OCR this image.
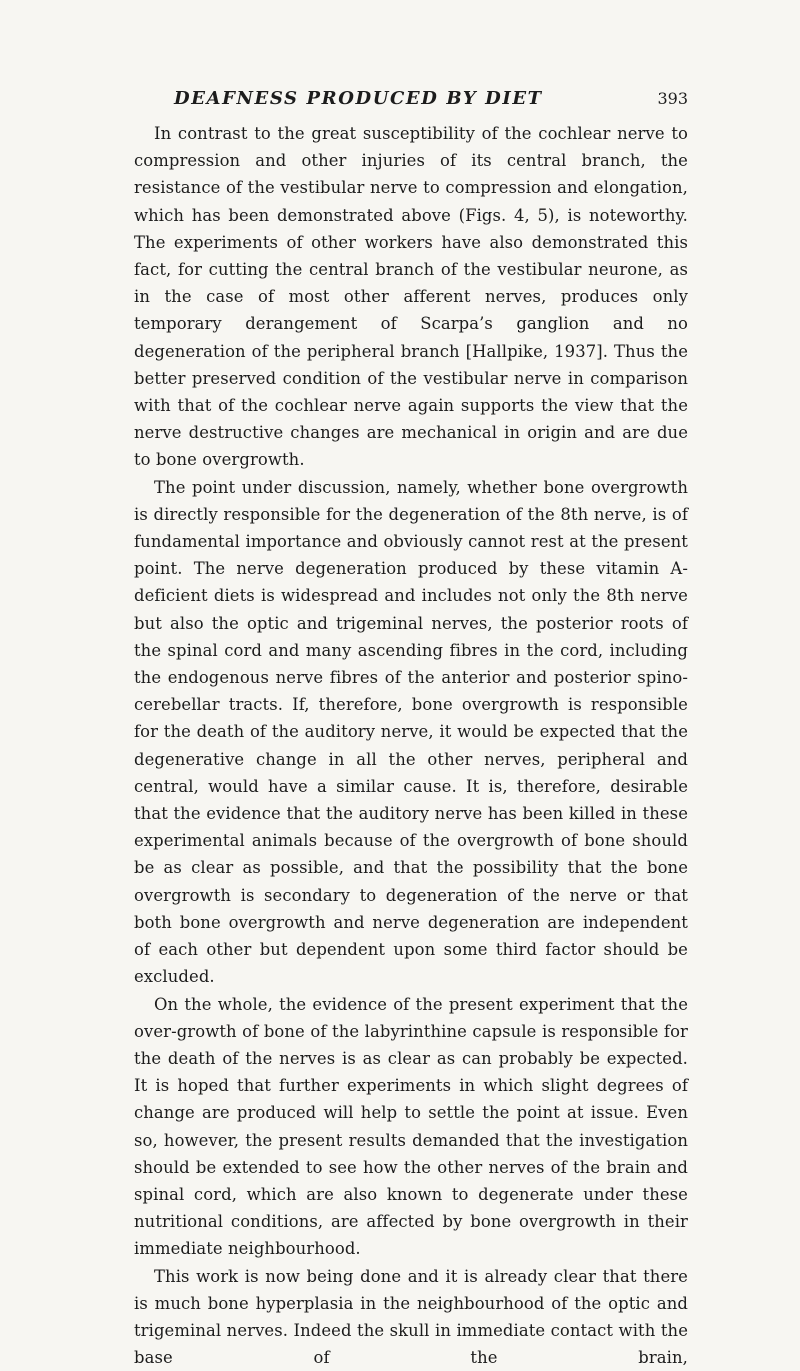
DEAFNESS PRODUCED BY DIET	393

In contrast to the great susceptibility of the cochlear nerve to compression and other injuries of its central branch, the resistance of the vestibular nerve to compression and elongation, which has been demonstrated above (Figs. 4, 5), is noteworthy. The experiments of other workers have also demonstrated this fact, for cutting the central branch of the vestibular neurone, as in the case of most other afferent nerves, produces only temporary derangement of Scarpa’s ganglion and no degeneration of the peripheral branch [Hallpike, 1937]. Thus the better preserved condition of the vestibular nerve in comparison with that of the cochlear nerve again supports the view that the nerve destructive changes are mechanical in origin and are due to bone overgrowth.

The point under discussion, namely, whether bone overgrowth is directly responsible for the degeneration of the 8th nerve, is of fundamental importance and obviously cannot rest at the present point. The nerve degeneration produced by these vitamin A-deficient diets is widespread and includes not only the 8th nerve but also the optic and trigeminal nerves, the posterior roots of the spinal cord and many ascending fibres in the cord, including the endogenous nerve fibres of the anterior and posterior spino-cerebellar tracts. If, therefore, bone overgrowth is responsible for the death of the auditory nerve, it would be expected that the degenerative change in all the other nerves, peripheral and central, would have a similar cause. It is, therefore, desirable that the evidence that the auditory nerve has been killed in these experimental animals because of the overgrowth of bone should be as clear as possible, and that the possibility that the bone overgrowth is secondary to degeneration of the nerve or that both bone overgrowth and nerve degeneration are independent of each other but dependent upon some third factor should be excluded.

On the whole, the evidence of the present experiment that the over-growth of bone of the labyrinthine capsule is responsible for the death of the nerves is as clear as can probably be expected. It is hoped that further experiments in which slight degrees of change are produced will help to settle the point at issue. Even so, however, the present results demanded that the investigation should be extended to see how the other nerves of the brain and spinal cord, which are also known to degenerate under these nutritional conditions, are affected by bone overgrowth in their immediate neighbourhood.

This work is now being done and it is already clear that there is much bone hyperplasia in the neighbourhood of the optic and trigeminal nerves. Indeed the skull in immediate contact with the base of the brain,
